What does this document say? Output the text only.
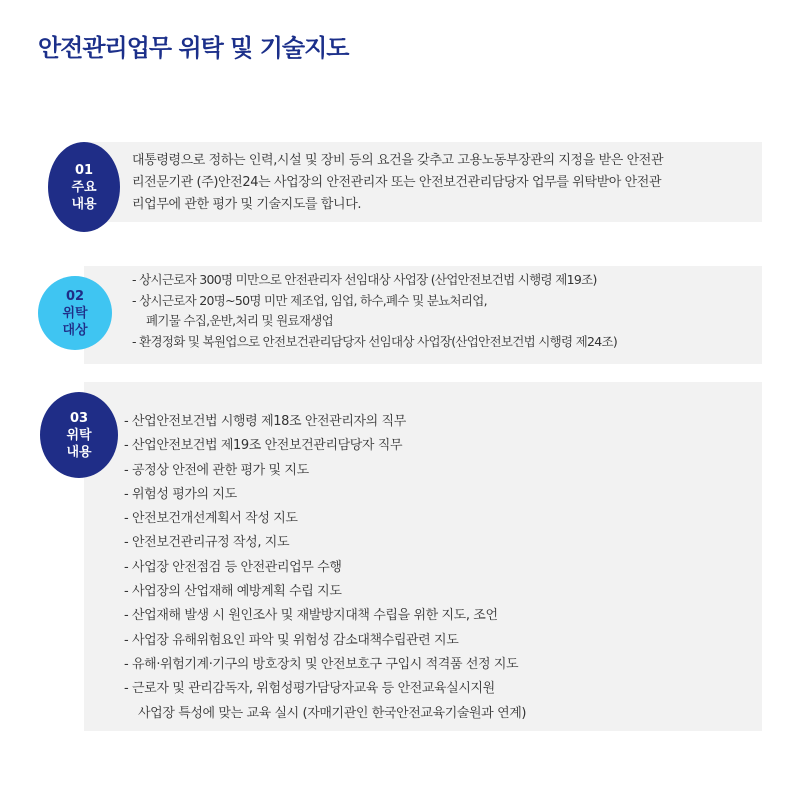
안전관리업무 위탁 및 기술지도
01
주요
내용
대통령령으로 정하는 인력,시설 및 장비 등의 요건을 갖추고 고용노동부장관의 지정을 받은 안전관
리전문기관 (주)안전24는 사업장의 안전관리자 또는 안전보건관리담당자 업무를 위탁받아 안전관
리업무에 관한 평가 및 기술지도를 합니다.
02
위탁
대상
- 상시근로자 300명 미만으로 안전관리자 선임대상 사업장 (산업안전보건법 시행령 제19조)
- 상시근로자 20명~50명 미만 제조업, 임업, 하수,폐수 및 분뇨처리업,
폐기물 수집,운반,처리 및 원료재생업
- 환경정화 및 복원업으로 안전보건관리담당자 선임대상 사업장(산업안전보건법 시행령 제24조)
03
위탁
내용
- 산업안전보건법 시행령 제18조 안전관리자의 직무
- 산업안전보건법 제19조 안전보건관리담당자 직무
- 공정상 안전에 관한 평가 및 지도
- 위험성 평가의 지도
- 안전보건개선계획서 작성 지도
- 안전보건관리규정 작성, 지도
- 사업장 안전점검 등 안전관리업무 수행
- 사업장의 산업재해 예방계획 수립 지도
- 산업재해 발생 시 원인조사 및 재발방지대책 수립을 위한 지도, 조언
- 사업장 유해위험요인 파악 및 위험성 감소대책수립관련 지도
- 유해·위험기계·기구의 방호장치 및 안전보호구 구입시 적격품 선정 지도
- 근로자 및 관리감독자, 위험성평가담당자교육 등 안전교육실시지원
사업장 특성에 맞는 교육 실시 (자매기관인 한국안전교육기술원과 연계)
